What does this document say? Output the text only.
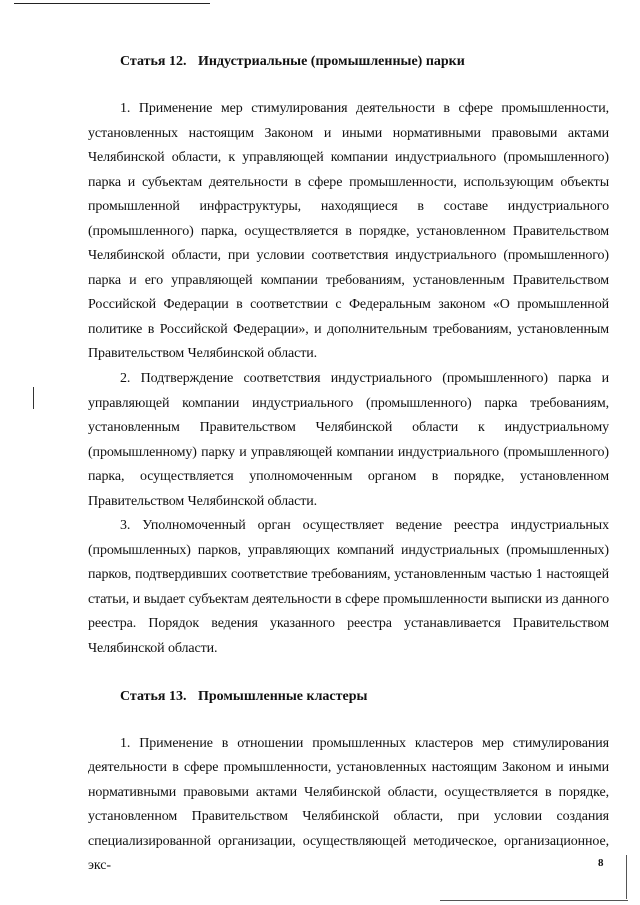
Статья 12. Индустриальные (промышленные) парки

1. Применение мер стимулирования деятельности в сфере промышленности, установленных настоящим Законом и иными нормативными правовыми актами Челябинской области, к управляющей компании индустриального (промышленного) парка и субъектам деятельности в сфере промышленности, использующим объекты промышленной инфраструктуры, находящиеся в составе индустриального (промышленного) парка, осуществляется в порядке, установленном Правительством Челябинской области, при условии соответствия индустриального (промышленного) парка и его управляющей компании требованиям, установленным Правительством Российской Федерации в соответствии с Федеральным законом «О промышленной политике в Российской Федерации», и дополнительным требованиям, установленным Правительством Челябинской области.

2. Подтверждение соответствия индустриального (промышленного) парка и управляющей компании индустриального (промышленного) парка требованиям, установленным Правительством Челябинской области к индустриальному (промышленному) парку и управляющей компании индустриального (промышленного) парка, осуществляется уполномоченным органом в порядке, установленном Правительством Челябинской области.

3. Уполномоченный орган осуществляет ведение реестра индустриальных (промышленных) парков, управляющих компаний индустриальных (промышленных) парков, подтвердивших соответствие требованиям, установленным частью 1 настоящей статьи, и выдает субъектам деятельности в сфере промышленности выписки из данного реестра. Порядок ведения указанного реестра устанавливается Правительством Челябинской области.

Статья 13. Промышленные кластеры

1. Применение в отношении промышленных кластеров мер стимулирования деятельности в сфере промышленности, установленных настоящим Законом и иными нормативными правовыми актами Челябинской области, осуществляется в порядке, установленном Правительством Челябинской области, при условии создания специализированной организации, осуществляющей методическое, организационное, экс-	8
